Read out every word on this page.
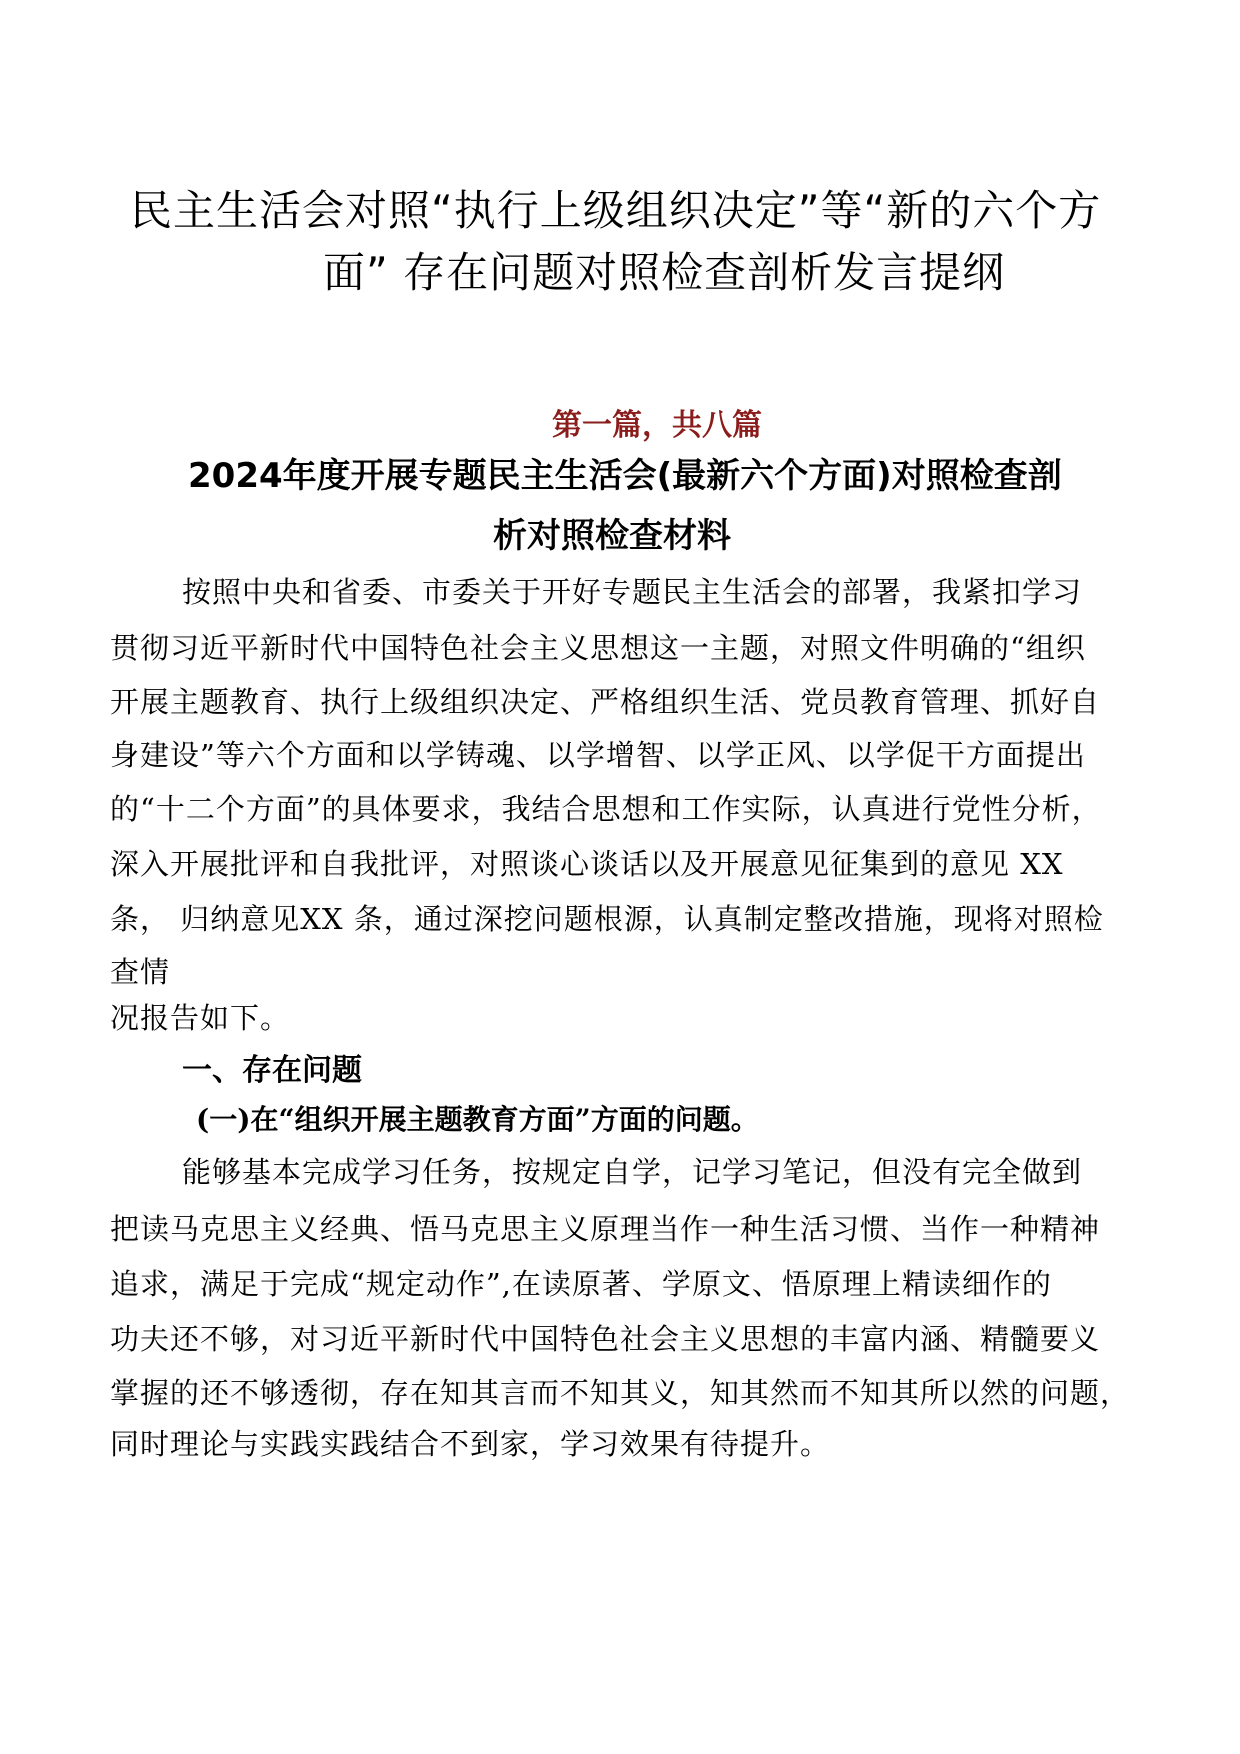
民主生活会对照“执行上级组织决定”等“新的六个方
面” 存在问题对照检查剖析发言提纲
第一篇，共八篇
2024年度开展专题民主生活会(最新六个方面)对照检查剖
析对照检查材料
按照中央和省委、市委关于开好专题民主生活会的部署，我紧扣学习
贯彻习近平新时代中国特色社会主义思想这一主题，对照文件明确的“组织
开展主题教育、执行上级组织决定、严格组织生活、党员教育管理、抓好自
身建设”等六个方面和以学铸魂、以学增智、以学正风、以学促干方面提出
的“十二个方面”的具体要求，我结合思想和工作实际，认真进行党性分析，
深入开展批评和自我批评，对照谈心谈话以及开展意见征集到的意见 XX
条， 归纳意见XX 条，通过深挖问题根源，认真制定整改措施，现将对照检
查情
况报告如下。
一、存在问题
(一)在“组织开展主题教育方面”方面的问题。
能够基本完成学习任务，按规定自学，记学习笔记，但没有完全做到
把读马克思主义经典、悟马克思主义原理当作一种生活习惯、当作一种精神
追求，满足于完成“规定动作”,在读原著、学原文、悟原理上精读细作的
功夫还不够，对习近平新时代中国特色社会主义思想的丰富内涵、精髓要义
掌握的还不够透彻，存在知其言而不知其义，知其然而不知其所以然的问题，
同时理论与实践实践结合不到家，学习效果有待提升。
